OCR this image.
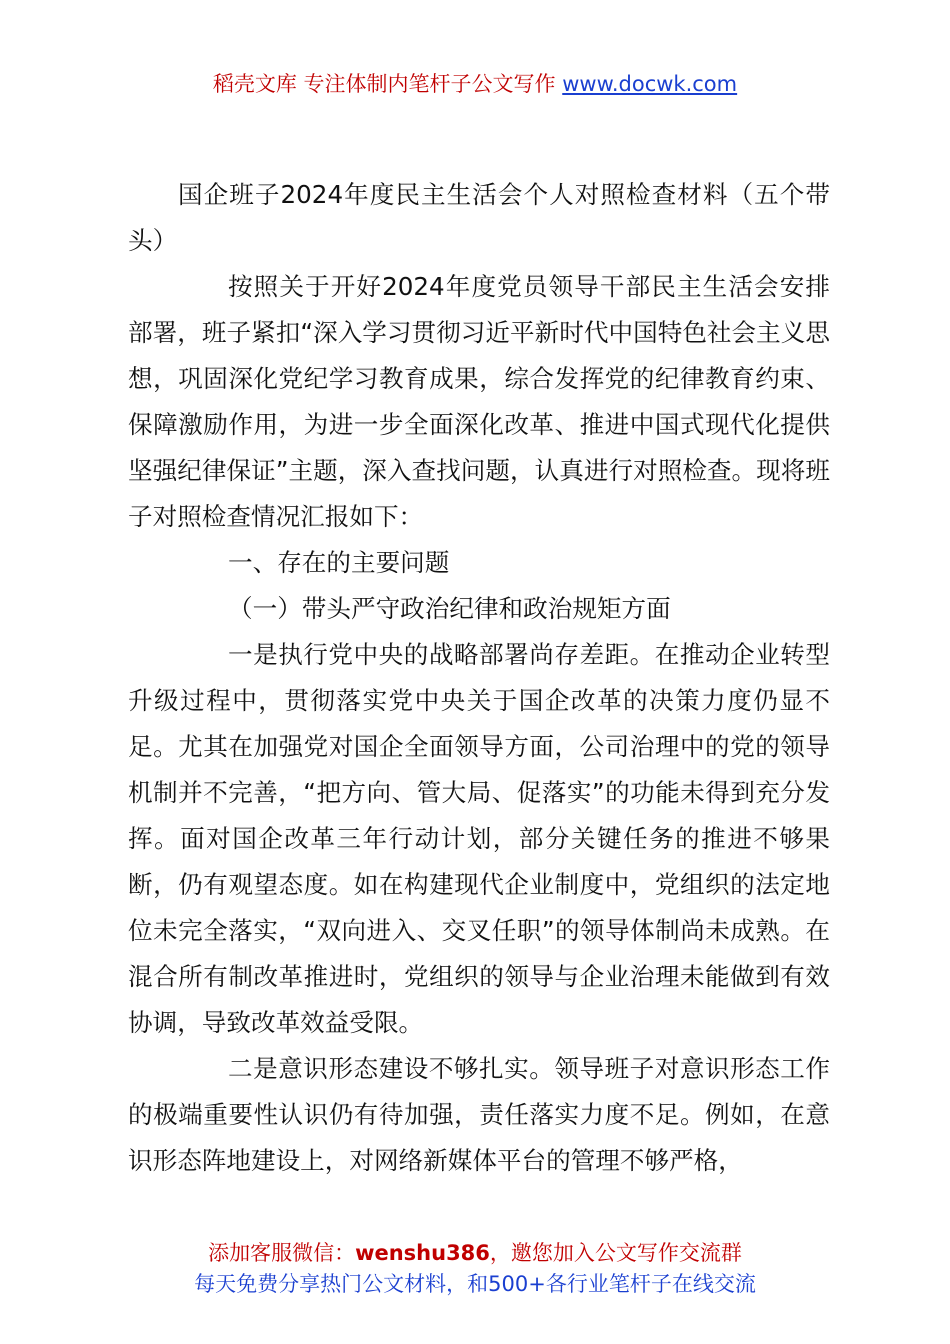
稻壳文库 专注体制内笔杆子公文写作 www.docwk.com

国企班子2024年度民主生活会个人对照检查材料（五个带头）

按照关于开好2024年度党员领导干部民主生活会安排部署，班子紧扣“深入学习贯彻习近平新时代中国特色社会主义思想，巩固深化党纪学习教育成果，综合发挥党的纪律教育约束、保障激励作用，为进一步全面深化改革、推进中国式现代化提供坚强纪律保证”主题，深入查找问题，认真进行对照检查。现将班子对照检查情况汇报如下：

一、存在的主要问题

（一）带头严守政治纪律和政治规矩方面

一是执行党中央的战略部署尚存差距。在推动企业转型升级过程中，贯彻落实党中央关于国企改革的决策力度仍显不足。尤其在加强党对国企全面领导方面，公司治理中的党的领导机制并不完善，“把方向、管大局、促落实”的功能未得到充分发挥。面对国企改革三年行动计划，部分关键任务的推进不够果断，仍有观望态度。如在构建现代企业制度中，党组织的法定地位未完全落实，“双向进入、交叉任职”的领导体制尚未成熟。在混合所有制改革推进时，党组织的领导与企业治理未能做到有效协调，导致改革效益受限。

二是意识形态建设不够扎实。领导班子对意识形态工作的极端重要性认识仍有待加强，责任落实力度不足。例如，在意识形态阵地建设上，对网络新媒体平台的管理不够严格，

添加客服微信：wenshu386，邀您加入公文写作交流群
每天免费分享热门公文材料，和500+各行业笔杆子在线交流
